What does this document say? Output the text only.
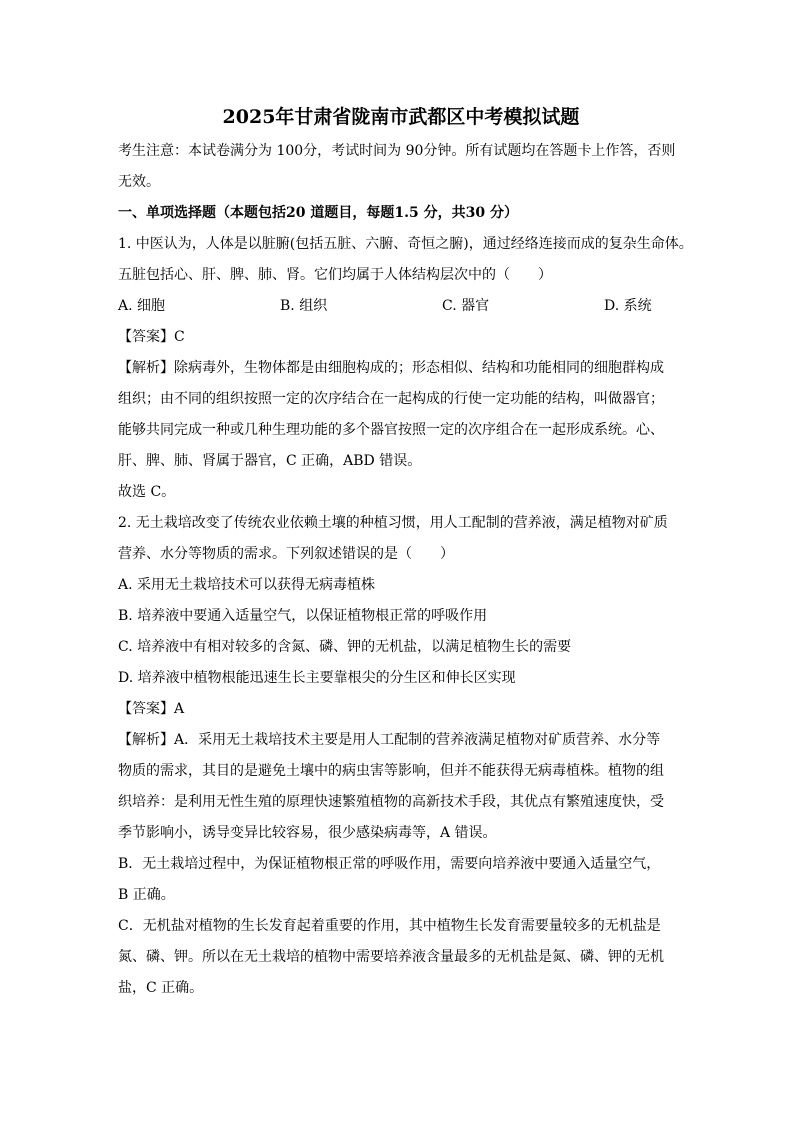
2025年甘肃省陇南市武都区中考模拟试题

考生注意：本试卷满分为 100分，考试时间为 90分钟。所有试题均在答题卡上作答，否则

无效。

一、单项选择题（本题包括20 道题目，每题1.5 分，共30 分）

1. 中医认为，人体是以脏腑(包括五脏、六腑、奇恒之腑)，通过经络连接而成的复杂生命体。

五脏包括心、肝、脾、肺、肾。它们均属于人体结构层次中的（　　）

A. 细胞	B. 组织	C. 器官	D. 系统

【答案】C

【解析】除病毒外，生物体都是由细胞构成的；形态相似、结构和功能相同的细胞群构成

组织；由不同的组织按照一定的次序结合在一起构成的行使一定功能的结构，叫做器官；

能够共同完成一种或几种生理功能的多个器官按照一定的次序组合在一起形成系统。心、

肝、脾、肺、肾属于器官，C 正确，ABD 错误。

故选 C。

2. 无土栽培改变了传统农业依赖土壤的种植习惯，用人工配制的营养液，满足植物对矿质

营养、水分等物质的需求。下列叙述错误的是（　　）

A. 采用无土栽培技术可以获得无病毒植株

B. 培养液中要通入适量空气，以保证植物根正常的呼吸作用

C. 培养液中有相对较多的含氮、磷、钾的无机盐，以满足植物生长的需要

D. 培养液中植物根能迅速生长主要靠根尖的分生区和伸长区实现

【答案】A

【解析】A．采用无土栽培技术主要是用人工配制的营养液满足植物对矿质营养、水分等

物质的需求，其目的是避免土壤中的病虫害等影响，但并不能获得无病毒植株。植物的组

织培养：是利用无性生殖的原理快速繁殖植物的高新技术手段，其优点有繁殖速度快，受

季节影响小，诱导变异比较容易，很少感染病毒等，A 错误。

B．无土栽培过程中，为保证植物根正常的呼吸作用，需要向培养液中要通入适量空气，

B 正确。

C．无机盐对植物的生长发育起着重要的作用，其中植物生长发育需要量较多的无机盐是

氮、磷、钾。所以在无土栽培的植物中需要培养液含量最多的无机盐是氮、磷、钾的无机

盐，C 正确。
